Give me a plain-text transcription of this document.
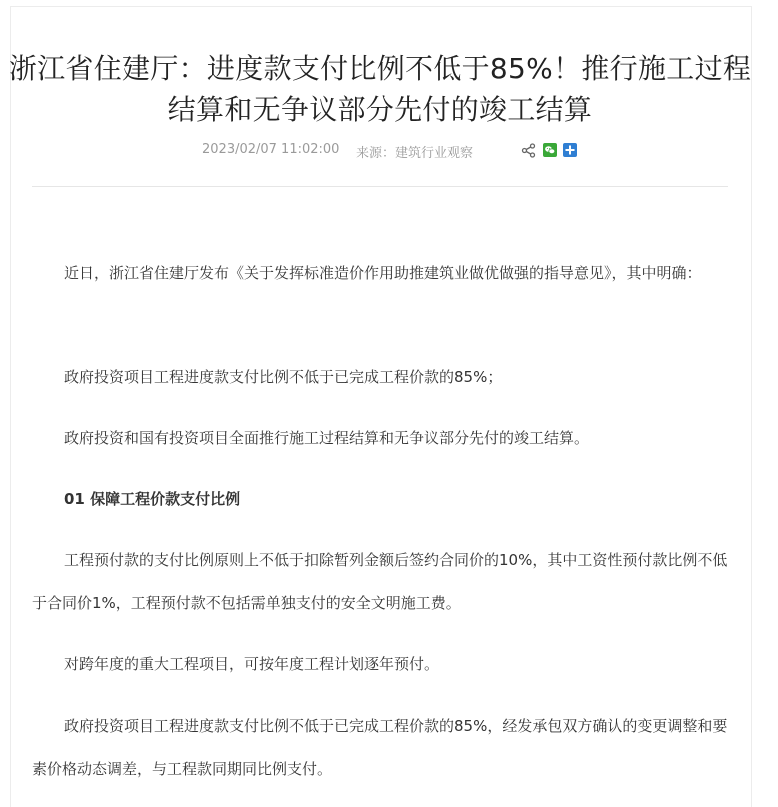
浙江省住建厅：进度款支付比例不低于85%！推行施工过程结算和无争议部分先付的竣工结算
2023/02/07 11:02:00 来源：建筑行业观察

近日，浙江省住建厅发布《关于发挥标准造价作用助推建筑业做优做强的指导意见》，其中明确：

政府投资项目工程进度款支付比例不低于已完成工程价款的85%；

政府投资和国有投资项目全面推行施工过程结算和无争议部分先付的竣工结算。

01 保障工程价款支付比例

工程预付款的支付比例原则上不低于扣除暂列金额后签约合同价的10%，其中工资性预付款比例不低于合同价1%，工程预付款不包括需单独支付的安全文明施工费。

对跨年度的重大工程项目，可按年度工程计划逐年预付。

政府投资项目工程进度款支付比例不低于已完成工程价款的85%，经发承包双方确认的变更调整和要素价格动态调差，与工程款同期同比例支付。
